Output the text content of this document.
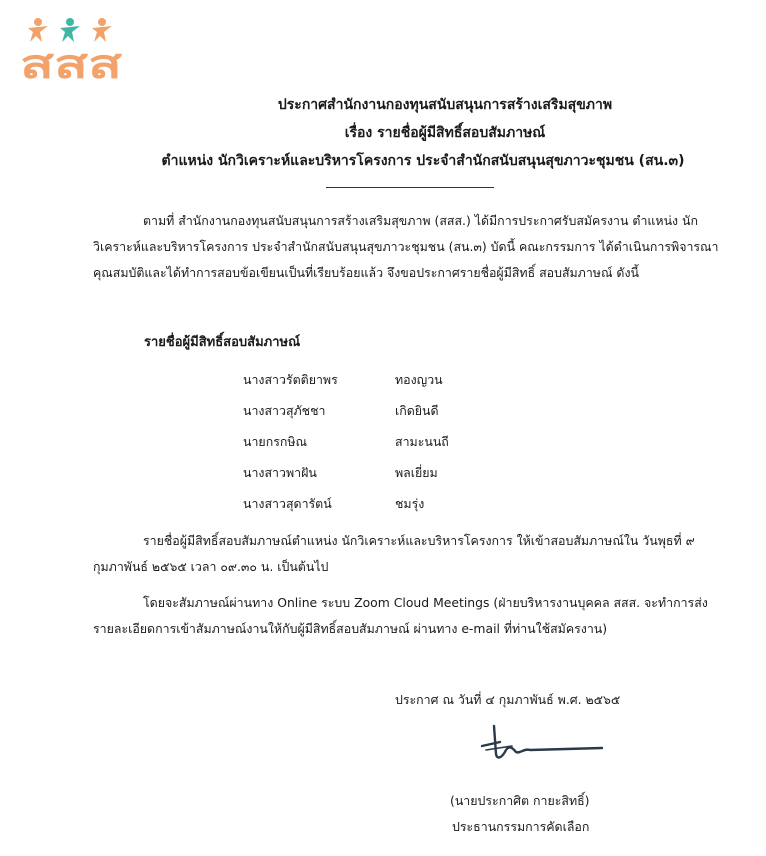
สสส
ประกาศสำนักงานกองทุนสนับสนุนการสร้างเสริมสุขภาพ
เรื่อง รายชื่อผู้มีสิทธิ์สอบสัมภาษณ์
ตำแหน่ง นักวิเคราะห์และบริหารโครงการ ประจำสำนักสนับสนุนสุขภาวะชุมชน (สน.๓)

ตามที่ สำนักงานกองทุนสนับสนุนการสร้างเสริมสุขภาพ (สสส.) ได้มีการประกาศรับสมัครงาน ตำแหน่ง นักวิเคราะห์และบริหารโครงการ ประจำสำนักสนับสนุนสุขภาวะชุมชน (สน.๓) บัดนี้ คณะกรรมการ ได้ดำเนินการพิจารณาคุณสมบัติและได้ทำการสอบข้อเขียนเป็นที่เรียบร้อยแล้ว จึงขอประกาศรายชื่อผู้มีสิทธิ์ สอบสัมภาษณ์ ดังนี้

รายชื่อผู้มีสิทธิ์สอบสัมภาษณ์
นางสาวรัตติยาพร	ทองญวน
นางสาวสุภัชชา	เกิดยินดี
นายกรกษิณ	สามะนนถี
นางสาวพาฝัน	พลเยี่ยม
นางสาวสุดารัตน์	ชมรุ่ง

รายชื่อผู้มีสิทธิ์สอบสัมภาษณ์ตำแหน่ง นักวิเคราะห์และบริหารโครงการ ให้เข้าสอบสัมภาษณ์ใน วันพุธที่ ๙ กุมภาพันธ์ ๒๕๖๕ เวลา ๐๙.๓๐ น. เป็นต้นไป

โดยจะสัมภาษณ์ผ่านทาง Online ระบบ Zoom Cloud Meetings (ฝ่ายบริหารงานบุคคล สสส. จะทำการส่งรายละเอียดการเข้าสัมภาษณ์งานให้กับผู้มีสิทธิ์สอบสัมภาษณ์ ผ่านทาง e-mail ที่ท่านใช้สมัครงาน)

ประกาศ ณ วันที่ ๔ กุมภาพันธ์ พ.ศ. ๒๕๖๕
(นายประกาศิต กายะสิทธิ์)
ประธานกรรมการคัดเลือก
